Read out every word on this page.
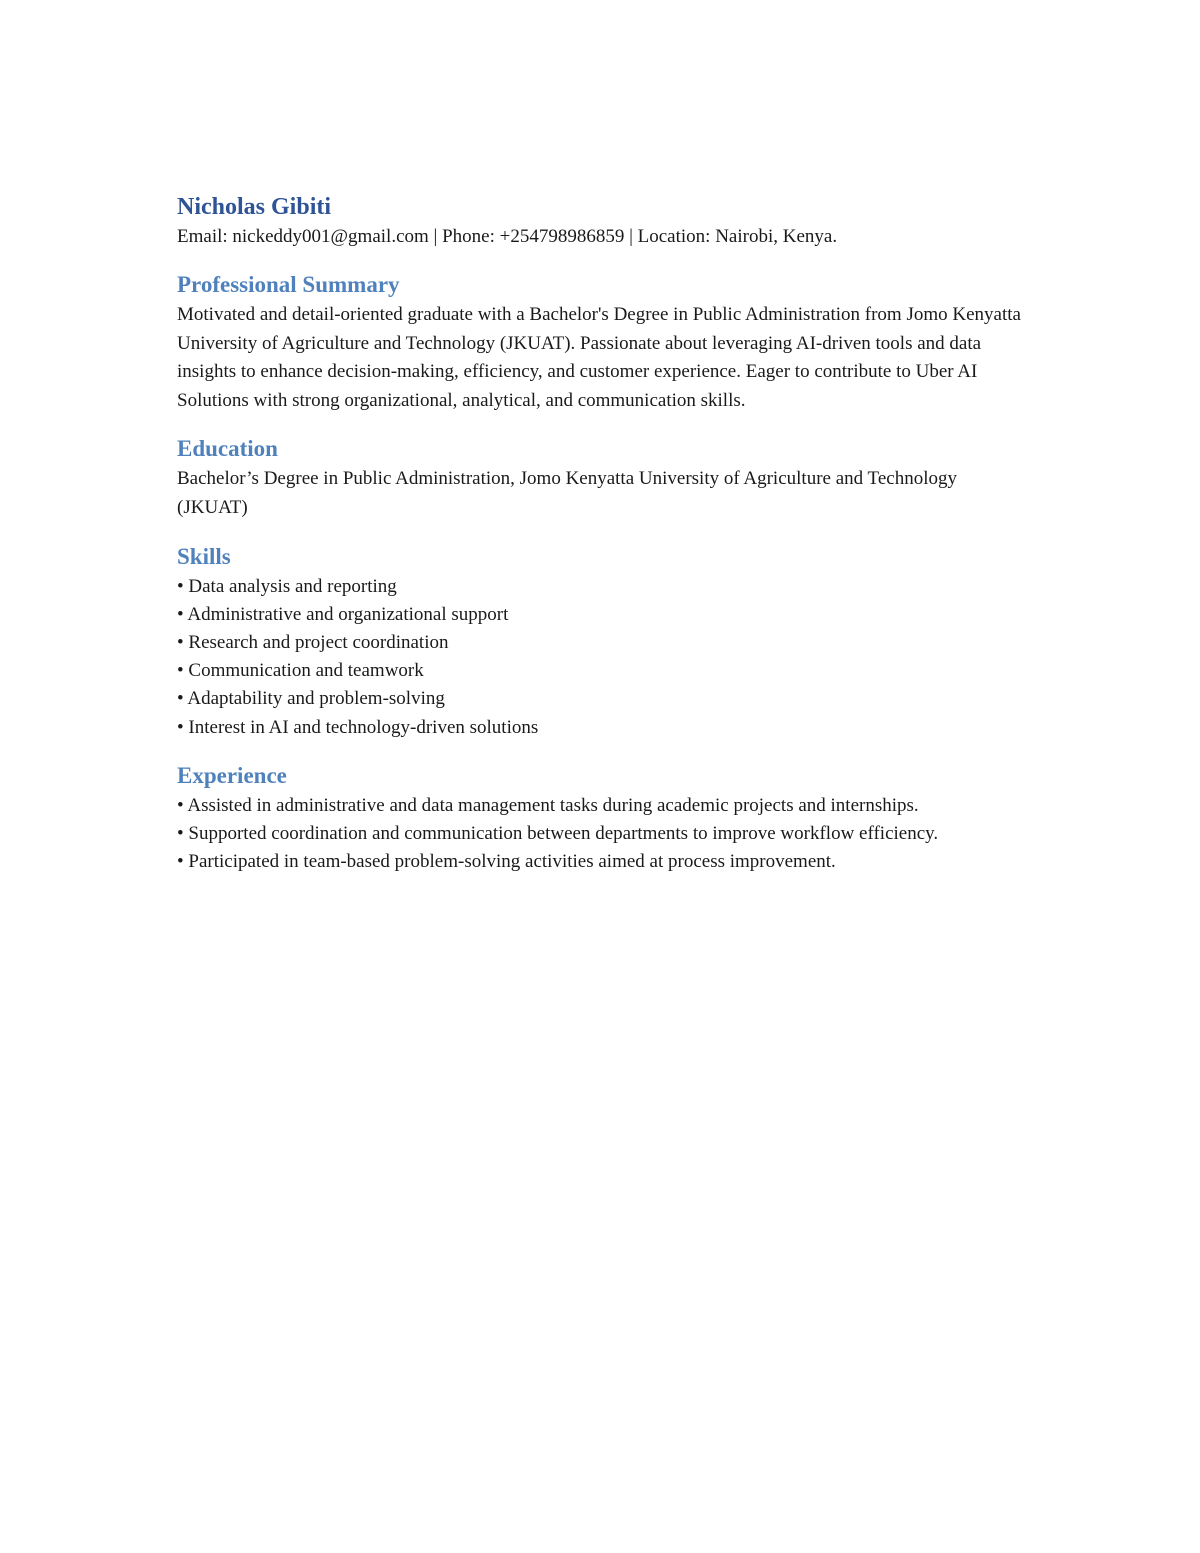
Nicholas Gibiti

Email: nickeddy001@gmail.com | Phone: +254798986859 | Location: Nairobi, Kenya.

Professional Summary

Motivated and detail-oriented graduate with a Bachelor's Degree in Public Administration from Jomo Kenyatta University of Agriculture and Technology (JKUAT). Passionate about leveraging AI-driven tools and data insights to enhance decision-making, efficiency, and customer experience. Eager to contribute to Uber AI Solutions with strong organizational, analytical, and communication skills.

Education

Bachelor’s Degree in Public Administration, Jomo Kenyatta University of Agriculture and Technology (JKUAT)

Skills
• Data analysis and reporting
• Administrative and organizational support
• Research and project coordination
• Communication and teamwork
• Adaptability and problem-solving
• Interest in AI and technology-driven solutions
Experience
• Assisted in administrative and data management tasks during academic projects and internships.
• Supported coordination and communication between departments to improve workflow efficiency.
• Participated in team-based problem-solving activities aimed at process improvement.
